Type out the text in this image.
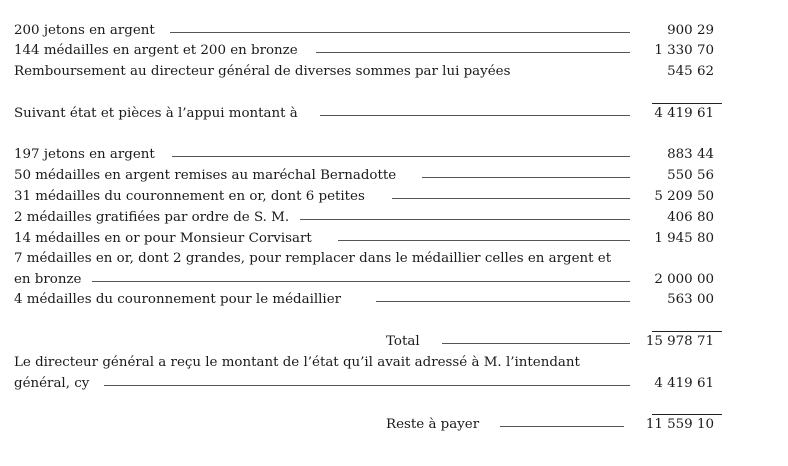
200 jetons en argent	900 29
144 médailles en argent et 200 en bronze	1 330 70
Remboursement au directeur général de diverses sommes par lui payées	545 62
Suivant état et pièces à l’appui montant à	4 419 61
197 jetons en argent	883 44
50 médailles en argent remises au maréchal Bernadotte	550 56
31 médailles du couronnement en or, dont 6 petites	5 209 50
2 médailles gratifiées par ordre de S. M.	406 80
14 médailles en or pour Monsieur Corvisart	1 945 80
7 médailles en or, dont 2 grandes, pour remplacer dans le médaillier celles en argent et
en bronze	2 000 00
4 médailles du couronnement pour le médaillier	563 00
Total	15 978 71
Le directeur général a reçu le montant de l’état qu’il avait adressé à M. l’intendant
général, cy	4 419 61
Reste à payer	11 559 10
